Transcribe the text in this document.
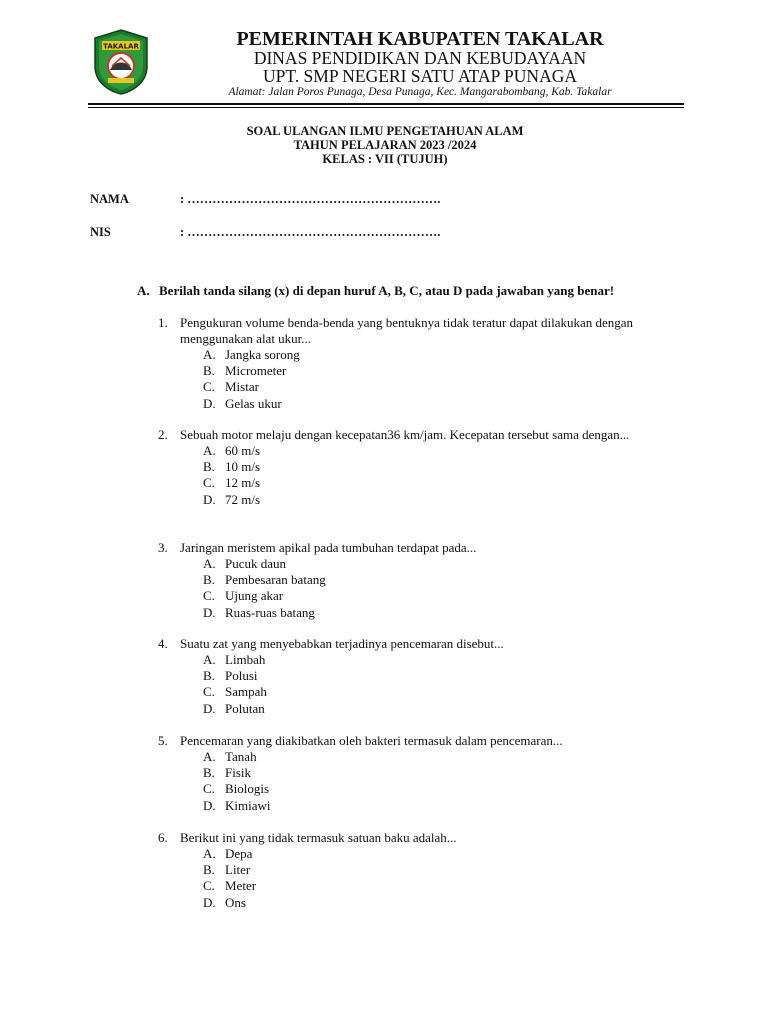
TAKALAR	PEMERINTAH KABUPATEN TAKALAR
DINAS PENDIDIKAN DAN KEBUDAYAAN
UPT. SMP NEGERI SATU ATAP PUNAGA
Alamat: Jalan Poros Punaga, Desa Punaga, Kec. Mangarabombang, Kab. Takalar
SOAL ULANGAN ILMU PENGETAHUAN ALAM
TAHUN PELAJARAN 2023 /2024
KELAS : VII (TUJUH)
NAMA	: …………………………………………………….
NIS	: …………………………………………………….
A. Berilah tanda silang (x) di depan huruf A, B, C, atau D pada jawaban yang benar!
1. Pengukuran volume benda-benda yang bentuknya tidak teratur dapat dilakukan dengan menggunakan alat ukur...
A. Jangka sorong
B. Micrometer
C. Mistar
D. Gelas ukur
2. Sebuah motor melaju dengan kecepatan36 km/jam. Kecepatan tersebut sama dengan...
A. 60 m/s
B. 10 m/s
C. 12 m/s
D. 72 m/s
3. Jaringan meristem apikal pada tumbuhan terdapat pada...
A. Pucuk daun
B. Pembesaran batang
C. Ujung akar
D. Ruas-ruas batang
4. Suatu zat yang menyebabkan terjadinya pencemaran disebut...
A. Limbah
B. Polusi
C. Sampah
D. Polutan
5. Pencemaran yang diakibatkan oleh bakteri termasuk dalam pencemaran...
A. Tanah
B. Fisik
C. Biologis
D. Kimiawi
6. Berikut ini yang tidak termasuk satuan baku adalah...
A. Depa
B. Liter
C. Meter
D. Ons
